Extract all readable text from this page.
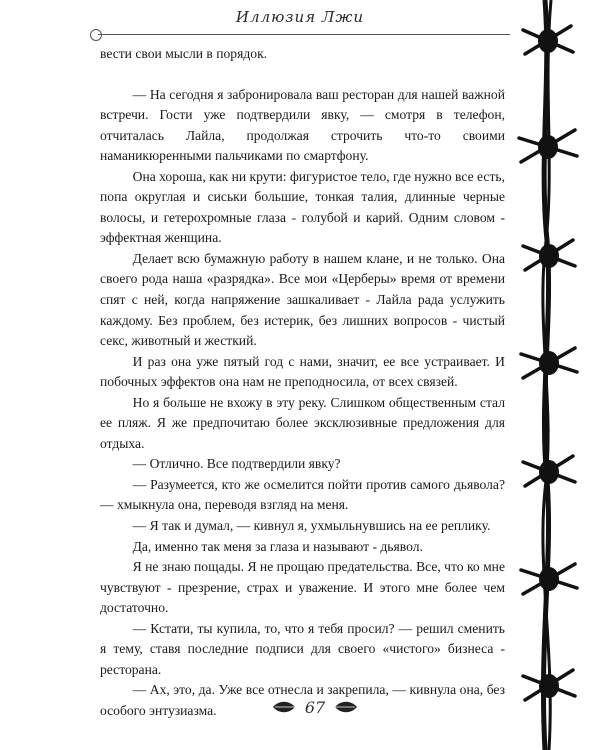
Иллюзия Лжи

вести свои мысли в порядок.

— На сегодня я забронировала ваш ресторан для нашей важной встречи. Гости уже подтвердили явку, — смотря в телефон, отчиталась Лайла, продолжая строчить что-то своими наманикюренными пальчиками по смартфону.

Она хороша, как ни крути: фигуристое тело, где нужно все есть, попа округлая и сиськи большие, тонкая талия, длинные черные волосы, и гетерохромные глаза - голубой и карий. Одним словом - эффектная женщина.

Делает всю бумажную работу в нашем клане, и не только. Она своего рода наша «разрядка». Все мои «Церберы» время от времени спят с ней, когда напряжение зашкаливает - Лайла рада услужить каждому. Без проблем, без истерик, без лишних вопросов - чистый секс, животный и жесткий.

И раз она уже пятый год с нами, значит, ее все устраивает. И побочных эффектов она нам не преподносила, от всех связей.

Но я больше не вхожу в эту реку. Слишком общественным стал ее пляж. Я же предпочитаю более эксклюзивные предложения для отдыха.

— Отлично. Все подтвердили явку?

— Разумеется, кто же осмелится пойти против самого дьявола? — хмыкнула она, переводя взгляд на меня.

— Я так и думал, — кивнул я, ухмыльнувшись на ее реплику.

Да, именно так меня за глаза и называют - дьявол.

Я не знаю пощады. Я не прощаю предательства. Все, что ко мне чувствуют - презрение, страх и уважение. И этого мне более чем достаточно.

— Кстати, ты купила, то, что я тебя просил? — решил сменить я тему, ставя последние подписи для своего «чистого» бизнеса - ресторана.

— Ах, это, да. Уже все отнесла и закрепила, — кивнула она, без особого энтузиазма.	67
